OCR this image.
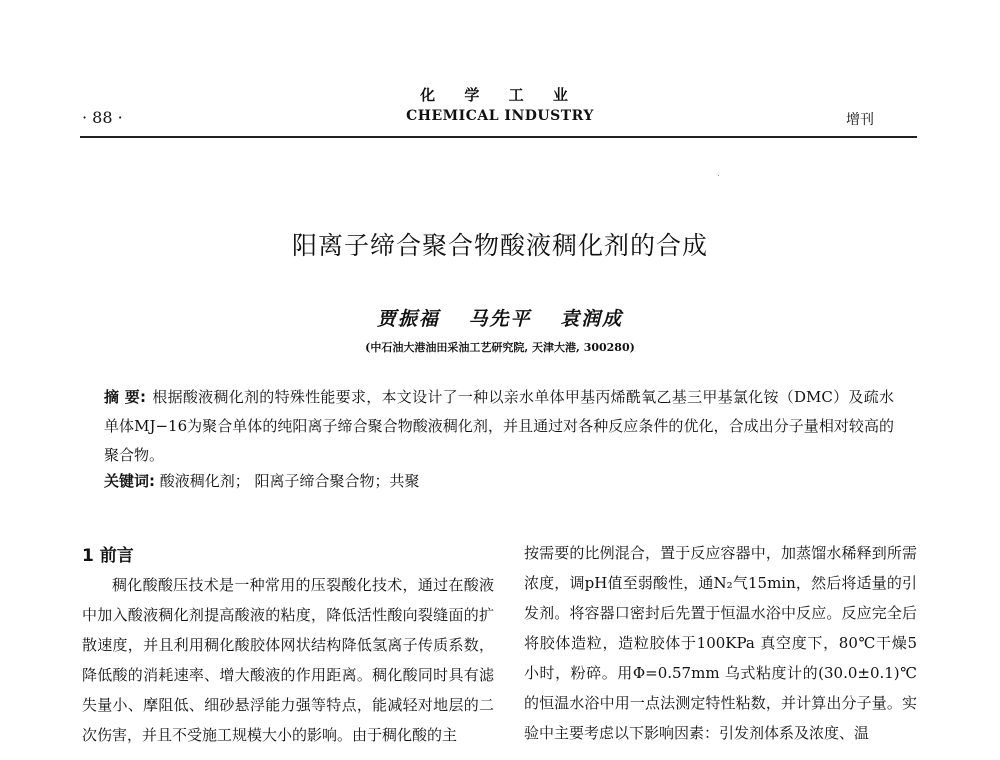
化 学 工 业
CHEMICAL INDUSTRY
· 88 ·	增刊
阳离子缔合聚合物酸液稠化剂的合成
贾振福 马先平 袁润成
(中石油大港油田采油工艺研究院, 天津大港, 300280)
摘 要: 根据酸液稠化剂的特殊性能要求，本文设计了一种以亲水单体甲基丙烯酰氧乙基三甲基氯化铵（DMC）及疏水单体MJ−16为聚合单体的纯阳离子缔合聚合物酸液稠化剂，并且通过对各种反应条件的优化，合成出分子量相对较高的聚合物。
关键词: 酸液稠化剂； 阳离子缔合聚合物；共聚
1 前言

稠化酸酸压技术是一种常用的压裂酸化技术，通过在酸液中加入酸液稠化剂提高酸液的粘度，降低活性酸向裂缝面的扩散速度，并且利用稠化酸胶体网状结构降低氢离子传质系数，降低酸的消耗速率、增大酸液的作用距离。稠化酸同时具有滤失量小、摩阻低、细砂悬浮能力强等特点，能减轻对地层的二次伤害，并且不受施工规模大小的影响。由于稠化酸的主

按需要的比例混合，置于反应容器中，加蒸馏水稀释到所需浓度，调pH值至弱酸性，通N₂气15min，然后将适量的引发剂。将容器口密封后先置于恒温水浴中反应。反应完全后将胶体造粒，造粒胶体于100KPa 真空度下，80℃干燥5小时，粉碎。用Φ=0.57mm 乌式粘度计的(30.0±0.1)℃的恒温水浴中用一点法测定特性粘数，并计算出分子量。实验中主要考虑以下影响因素：引发剂体系及浓度、温
